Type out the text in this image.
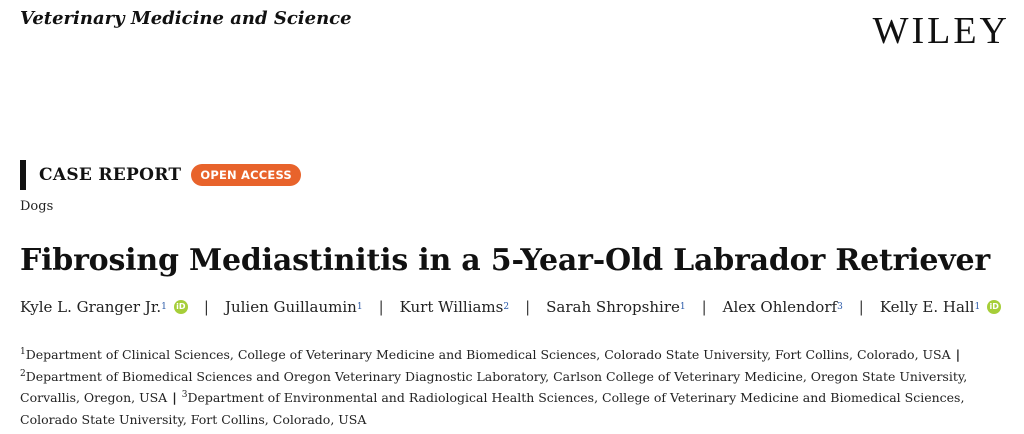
Veterinary Medicine and Science	WILEY
CASE REPORT	OPEN ACCESS
Dogs
Fibrosing Mediastinitis in a 5-Year-Old Labrador Retriever
Kyle L. Granger Jr. 1 iD | Julien Guillaumin 1 | Kurt Williams 2 | Sarah Shropshire 1 | Alex Ohlendorf 3 | Kelly E. Hall 1 iD
$^1$Department of Clinical Sciences, College of Veterinary Medicine and Biomedical Sciences, Colorado State University, Fort Collins, Colorado, USA |
$^2$Department of Biomedical Sciences and Oregon Veterinary Diagnostic Laboratory, Carlson College of Veterinary Medicine, Oregon State University, Corvallis, Oregon, USA | $^3$Department of Environmental and Radiological Health Sciences, College of Veterinary Medicine and Biomedical Sciences, Colorado State University, Fort Collins, Colorado, USA
